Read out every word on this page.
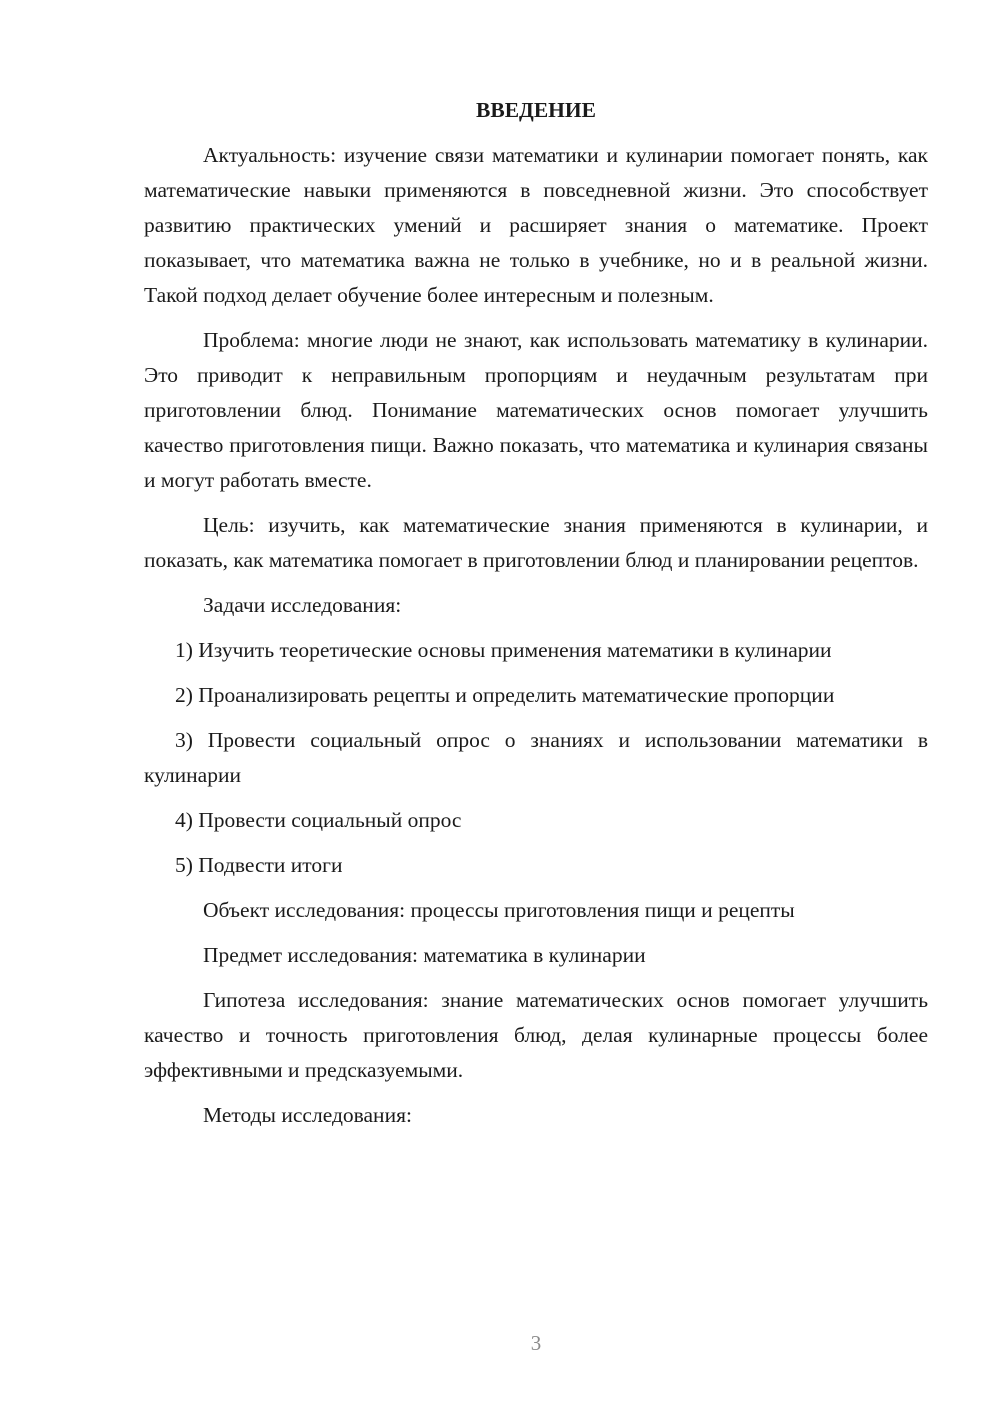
ВВЕДЕНИЕ

Актуальность: изучение связи математики и кулинарии помогает понять, как математические навыки применяются в повседневной жизни. Это способствует развитию практических умений и расширяет знания о математике. Проект показывает, что математика важна не только в учебнике, но и в реальной жизни. Такой подход делает обучение более интересным и полезным.

Проблема: многие люди не знают, как использовать математику в кулинарии. Это приводит к неправильным пропорциям и неудачным результатам при приготовлении блюд. Понимание математических основ помогает улучшить качество приготовления пищи. Важно показать, что математика и кулинария связаны и могут работать вместе.

Цель: изучить, как математические знания применяются в кулинарии, и показать, как математика помогает в приготовлении блюд и планировании рецептов.

Задачи исследования:

1) Изучить теоретические основы применения математики в кулинарии

2) Проанализировать рецепты и определить математические пропорции

3) Провести социальный опрос о знаниях и использовании математики в кулинарии

4) Провести социальный опрос

5) Подвести итоги

Объект исследования: процессы приготовления пищи и рецепты

Предмет исследования: математика в кулинарии

Гипотеза исследования: знание математических основ помогает улучшить качество и точность приготовления блюд, делая кулинарные процессы более эффективными и предсказуемыми.

Методы исследования:

3
